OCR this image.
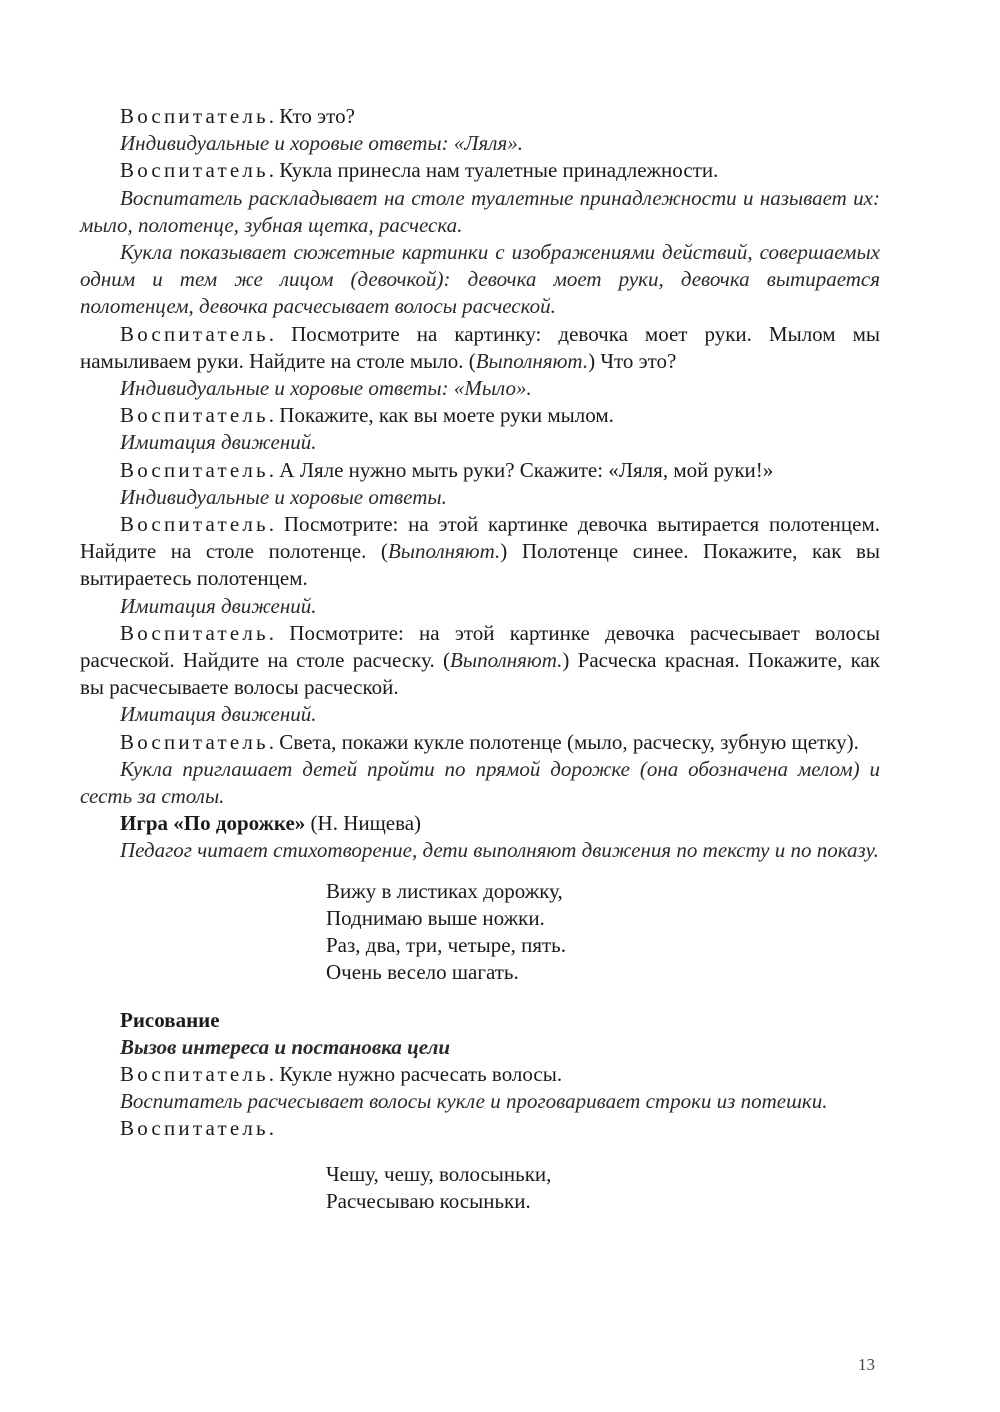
Воспитатель. Кто это?

Индивидуальные и хоровые ответы: «Ляля».

Воспитатель. Кукла принесла нам туалетные принадлежности.

Воспитатель раскладывает на столе туалетные принадлежности и называет их: мыло, полотенце, зубная щетка, расческа.

Кукла показывает сюжетные картинки с изображениями действий, совершаемых одним и тем же лицом (девочкой): девочка моет руки, девочка вытирается полотенцем, девочка расчесывает волосы расческой.

Воспитатель. Посмотрите на картинку: девочка моет руки. Мылом мы намыливаем руки. Найдите на столе мыло. (Выполняют.) Что это?

Индивидуальные и хоровые ответы: «Мыло».

Воспитатель. Покажите, как вы моете руки мылом.

Имитация движений.

Воспитатель. А Ляле нужно мыть руки? Скажите: «Ляля, мой руки!»

Индивидуальные и хоровые ответы.

Воспитатель. Посмотрите: на этой картинке девочка вытирается полотенцем. Найдите на столе полотенце. (Выполняют.) Полотенце синее. Покажите, как вы вытираетесь полотенцем.

Имитация движений.

Воспитатель. Посмотрите: на этой картинке девочка расчесывает волосы расческой. Найдите на столе расческу. (Выполняют.) Расческа красная. Покажите, как вы расчесываете волосы расческой.

Имитация движений.

Воспитатель. Света, покажи кукле полотенце (мыло, расческу, зубную щетку).

Кукла приглашает детей пройти по прямой дорожке (она обозначена мелом) и сесть за столы.

Игра «По дорожке» (Н. Нищева)

Педагог читает стихотворение, дети выполняют движения по тексту и по показу.

Вижу в листиках дорожку,
Поднимаю выше ножки.
Раз, два, три, четыре, пять.
Очень весело шагать.

Рисование

Вызов интереса и постановка цели

Воспитатель. Кукле нужно расчесать волосы.

Воспитатель расчесывает волосы кукле и проговаривает строки из потешки.

Воспитатель.

Чешу, чешу, волосыньки,
Расчесываю косыньки.
13
